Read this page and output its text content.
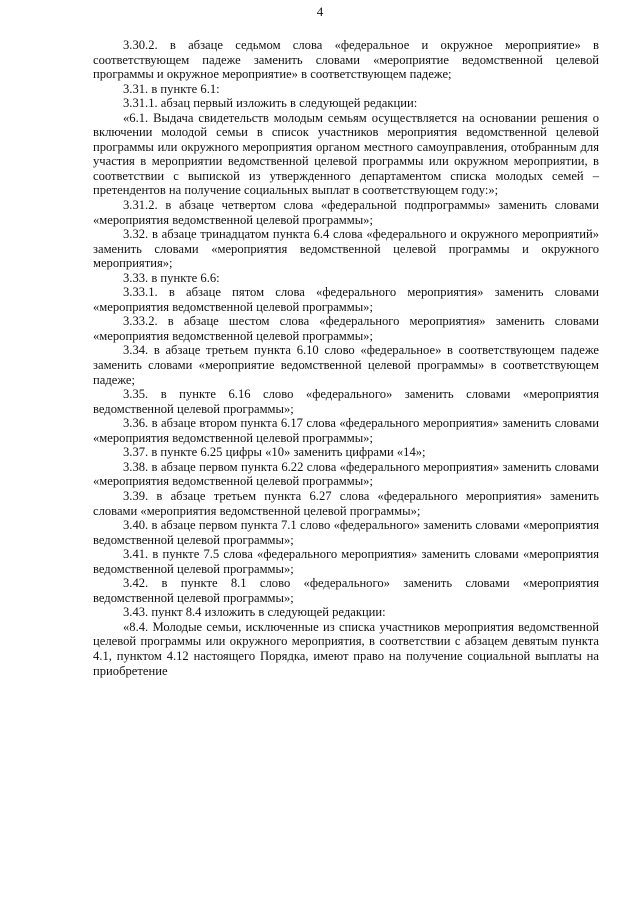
4

3.30.2. в абзаце седьмом слова «федеральное и окружное мероприятие» в соответствующем падеже заменить словами «мероприятие ведомственной целевой программы и окружное мероприятие» в соответствующем падеже;

3.31. в пункте 6.1:

3.31.1. абзац первый изложить в следующей редакции:

«6.1. Выдача свидетельств молодым семьям осуществляется на основании решения о включении молодой семьи в список участников мероприятия ведомственной целевой программы или окружного мероприятия органом местного самоуправления, отобранным для участия в мероприятии ведомственной целевой программы или окружном мероприятии, в соответствии с выпиской из утвержденного департаментом списка молодых семей – претендентов на получение социальных выплат в соответствующем году:»;

3.31.2. в абзаце четвертом слова «федеральной подпрограммы» заменить словами «мероприятия ведомственной целевой программы»;

3.32. в абзаце тринадцатом пункта 6.4 слова «федерального и окружного мероприятий» заменить словами «мероприятия ведомственной целевой программы и окружного мероприятия»;

3.33. в пункте 6.6:

3.33.1. в абзаце пятом слова «федерального мероприятия» заменить словами «мероприятия ведомственной целевой программы»;

3.33.2. в абзаце шестом слова «федерального мероприятия» заменить словами «мероприятия ведомственной целевой программы»;

3.34. в абзаце третьем пункта 6.10 слово «федеральное» в соответствующем падеже заменить словами «мероприятие ведомственной целевой программы» в соответствующем падеже;

3.35. в пункте 6.16 слово «федерального» заменить словами «мероприятия ведомственной целевой программы»;

3.36. в абзаце втором пункта 6.17 слова «федерального мероприятия» заменить словами «мероприятия ведомственной целевой программы»;

3.37. в пункте 6.25 цифры «10» заменить цифрами «14»;

3.38. в абзаце первом пункта 6.22 слова «федерального мероприятия» заменить словами «мероприятия ведомственной целевой программы»;

3.39. в абзаце третьем пункта 6.27 слова «федерального мероприятия» заменить словами «мероприятия ведомственной целевой программы»;

3.40. в абзаце первом пункта 7.1 слово «федерального» заменить словами «мероприятия ведомственной целевой программы»;

3.41. в пункте 7.5 слова «федерального мероприятия» заменить словами «мероприятия ведомственной целевой программы»;

3.42. в пункте 8.1 слово «федерального» заменить словами «мероприятия ведомственной целевой программы»;

3.43. пункт 8.4 изложить в следующей редакции:

«8.4. Молодые семьи, исключенные из списка участников мероприятия ведомственной целевой программы или окружного мероприятия, в соответствии с абзацем девятым пункта 4.1, пунктом 4.12 настоящего Порядка, имеют право на получение социальной выплаты на приобретение
